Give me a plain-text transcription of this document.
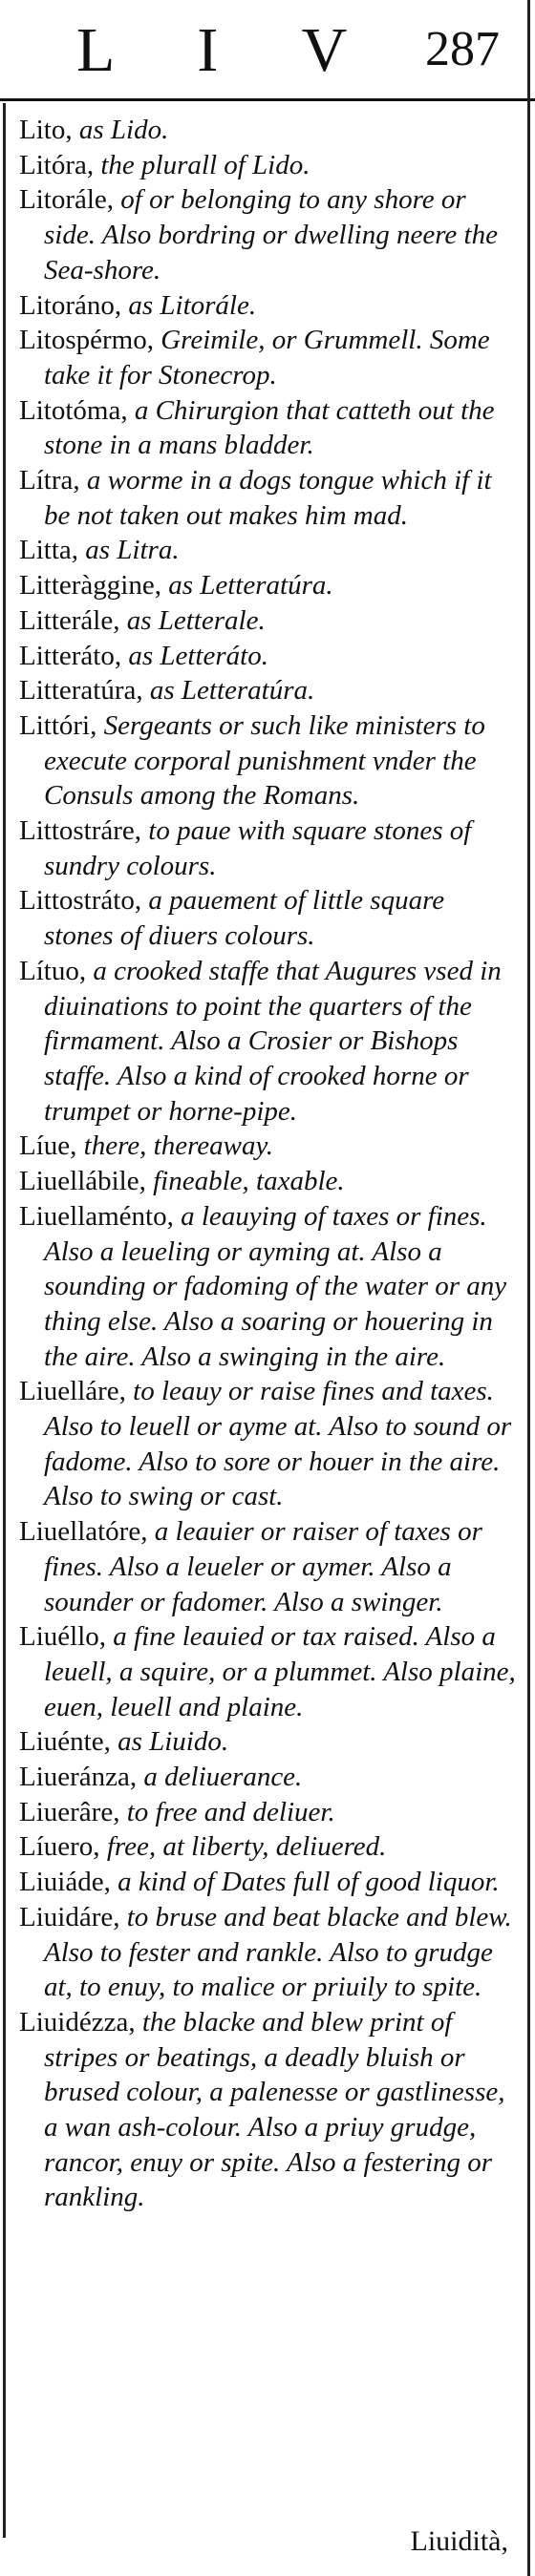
L I V 287

Lito, as Lido.

Litóra, the plurall of Lido.

Litorále, of or belonging to any shore or side. Also bordring or dwelling neere the Sea-shore.

Litoráno, as Litorále.

Litospérmo, Greimile, or Grummell. Some take it for Stonecrop.

Litotóma, a Chirurgion that catteth out the stone in a mans bladder.

Lítra, a worme in a dogs tongue which if it be not taken out makes him mad.

Litta, as Litra.

Litteràggine, as Letteratúra.

Litterále, as Letterale.

Litteráto, as Letteráto.

Litteratúra, as Letteratúra.

Littóri, Sergeants or such like ministers to execute corporal punishment vnder the Consuls among the Romans.

Littostráre, to paue with square stones of sundry colours.

Littostráto, a pauement of little square stones of diuers colours.

Lítuo, a crooked staffe that Augures vsed in diuinations to point the quarters of the firmament. Also a Crosier or Bishops staffe. Also a kind of crooked horne or trumpet or horne-pipe.

Líue, there, thereaway.

Liuellábile, fineable, taxable.

Liuellaménto, a leauying of taxes or fines. Also a leueling or ayming at. Also a sounding or fadoming of the water or any thing else. Also a soaring or houering in the aire. Also a swinging in the aire.

Liuelláre, to leauy or raise fines and taxes. Also to leuell or ayme at. Also to sound or fadome. Also to sore or houer in the aire. Also to swing or cast.

Liuellatóre, a leauier or raiser of taxes or fines. Also a leueler or aymer. Also a sounder or fadomer. Also a swinger.

Liuéllo, a fine leauied or tax raised. Also a leuell, a squire, or a plummet. Also plaine, euen, leuell and plaine.

Liuénte, as Liuido.

Liueránza, a deliuerance.

Liuerâre, to free and deliuer.

Líuero, free, at liberty, deliuered.

Liuiáde, a kind of Dates full of good liquor.

Liuidáre, to bruse and beat blacke and blew. Also to fester and rankle. Also to grudge at, to enuy, to malice or priuily to spite.

Liuidézza, the blacke and blew print of stripes or beatings, a deadly bluish or brused colour, a palenesse or gastlinesse, a wan ash-colour. Also a priuy grudge, rancor, enuy or spite. Also a festering or rankling.

Liuidità,
